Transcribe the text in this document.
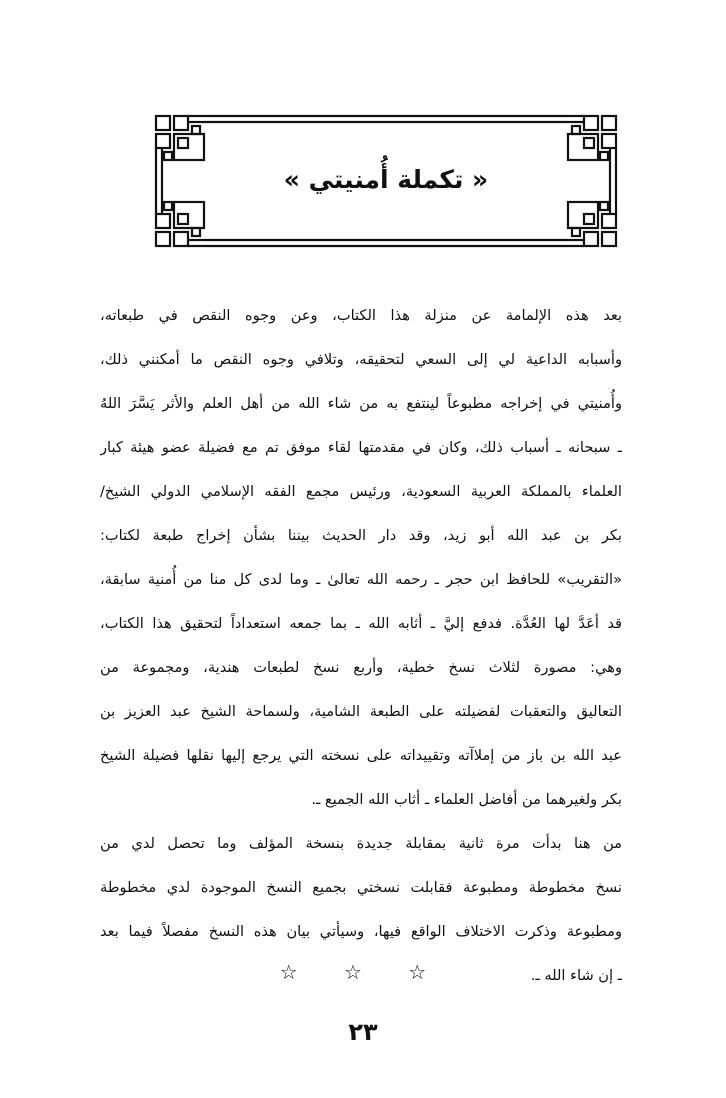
« تكملة أُمنيتي »
بعد هذه الإلمامة عن منزلة هذا الكتاب، وعن وجوه النقص في طبعاته،
وأسبابه الداعية لي إلى السعي لتحقيقه، وتلافي وجوه النقص ما أمكنني ذلك،
وأُمنيتي في إخراجه مطبوعاً لينتفع به من شاء الله من أهل العلم والأثر يَسَّرَ اللهُ
ـ سبحانه ـ أسباب ذلك، وكان في مقدمتها لقاء موفق تم مع فضيلة عضو هيئة كبار
العلماء بالمملكة العربية السعودية، ورئيس مجمع الفقه الإسلامي الدولي الشيخ/
بكر بن عبد الله أبو زيد، وقد دار الحديث بيننا بشأن إخراج طبعة لكتاب:
«التقريب» للحافظ ابن حجر ـ رحمه الله تعالىٰ ـ وما لدى كل منا من أُمنية سابقة،
قد أعَدَّ لها العُدَّة. فدفع إليَّ ـ أثابه الله ـ بما جمعه استعداداً لتحقيق هذا الكتاب،
وهي: مصورة لثلاث نسخ خطية، وأربع نسخ لطبعات هندية، ومجموعة من
التعاليق والتعقبات لفضيلته على الطبعة الشامية، ولسماحة الشيخ عبد العزيز بن
عبد الله بن باز من إملاآته وتقييداته على نسخته التي يرجع إليها نقلها فضيلة الشيخ
بكر ولغيرهما من أفاضل العلماء ـ أثاب الله الجميع ـ.
من هنا بدأت مرة ثانية بمقابلة جديدة بنسخة المؤلف وما تحصل لدي من
نسخ مخطوطة ومطبوعة فقابلت نسختي بجميع النسخ الموجودة لدي مخطوطة
ومطبوعة وذكرت الاختلاف الواقع فيها، وسيأتي بيان هذه النسخ مفصلاً فيما بعد
ـ إن شاء الله ـ.
☆ ☆ ☆
٢٣
